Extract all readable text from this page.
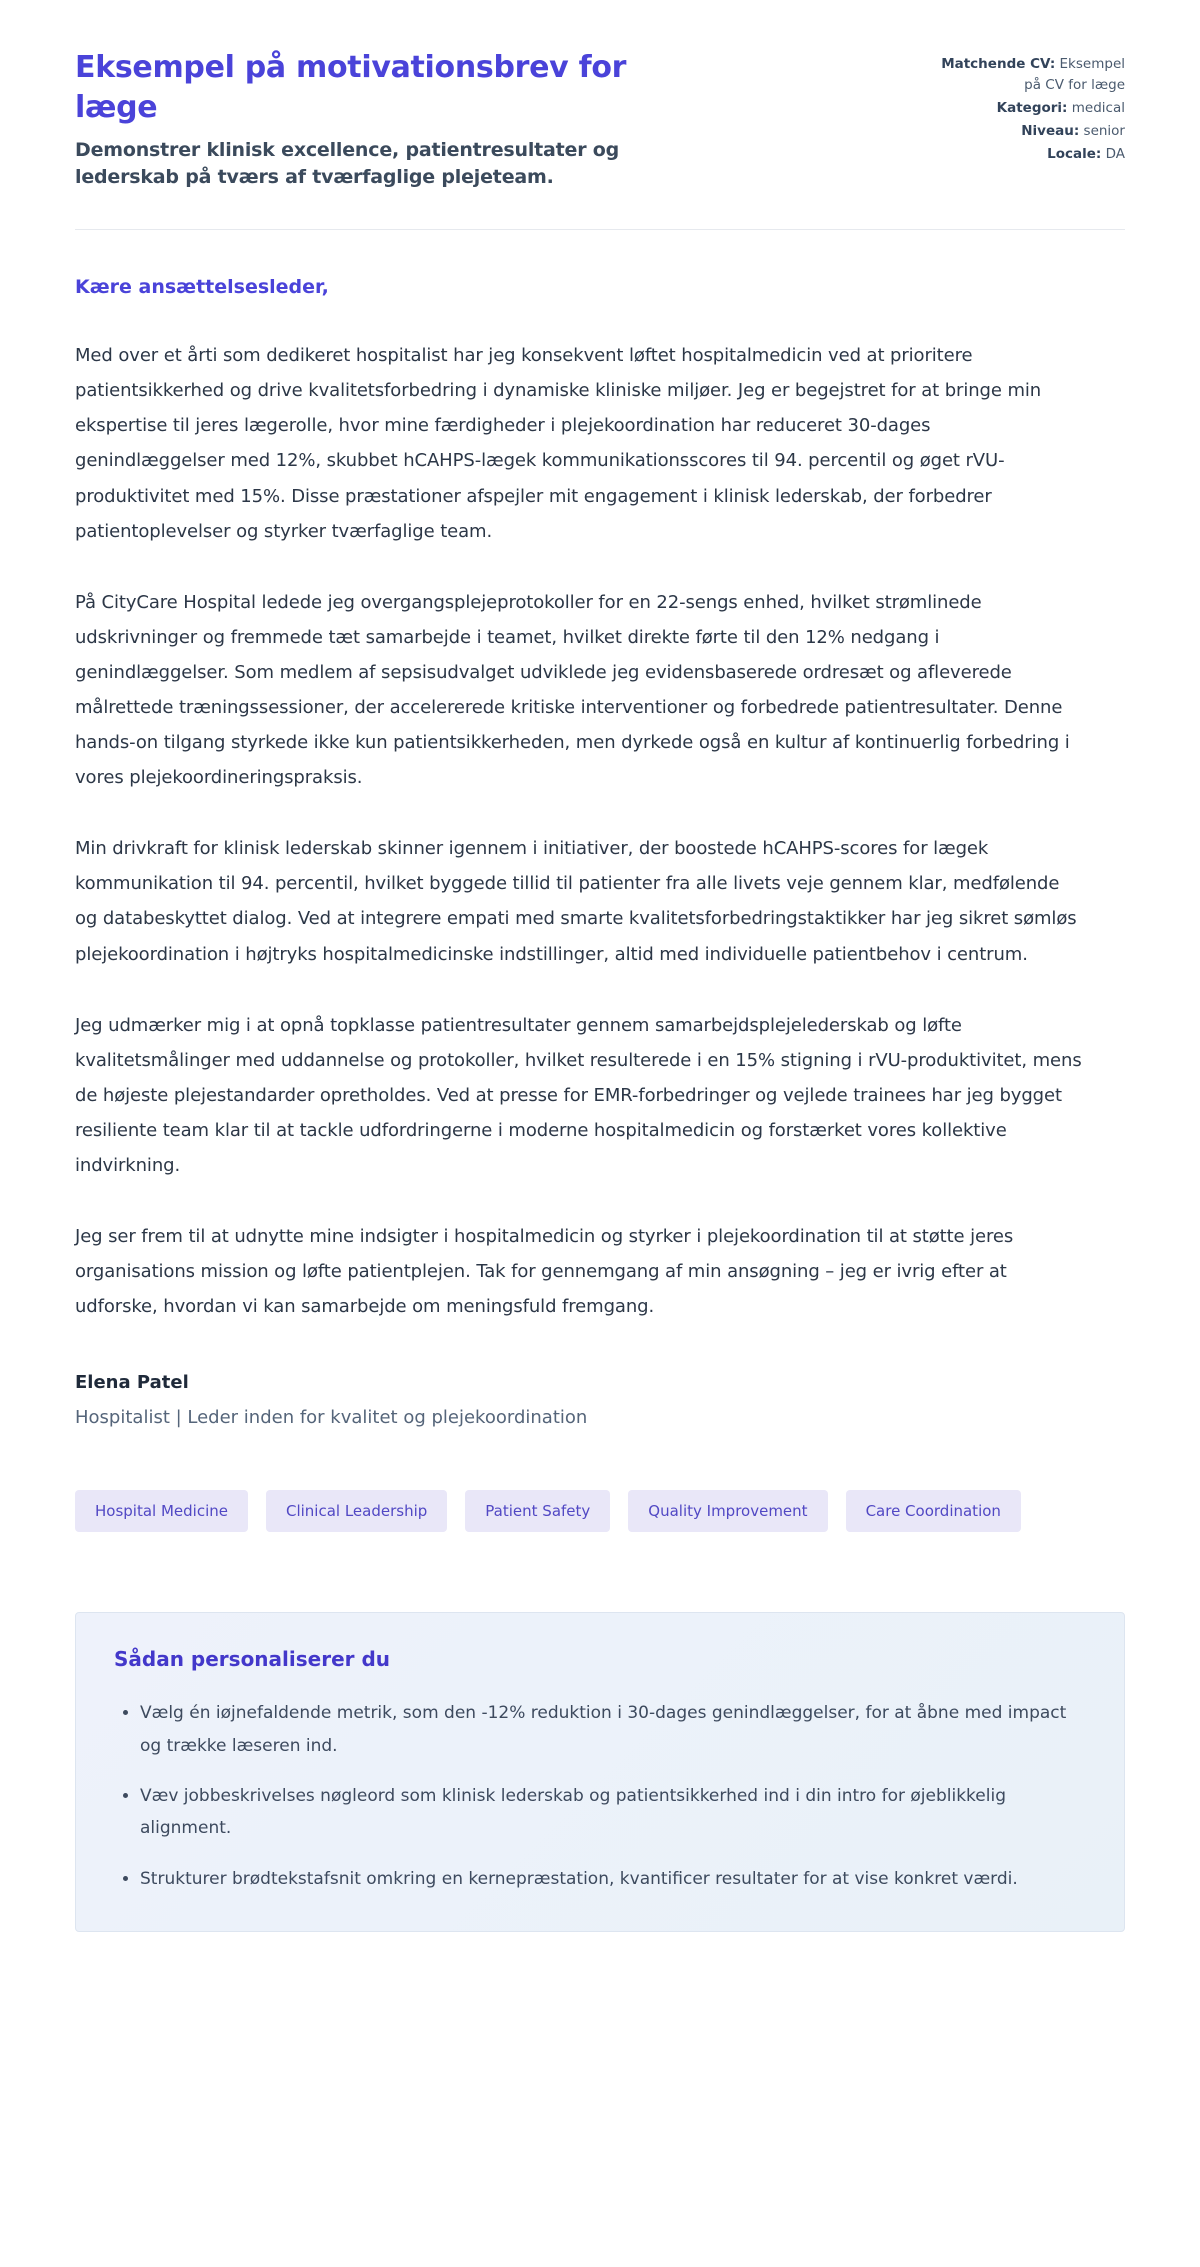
Eksempel på motivationsbrev for læge

Demonstrer klinisk excellence, patientresultater og lederskab på tværs af tværfaglige plejeteam.

Matchende CV: Eksempel på CV for læge
Kategori: medical
Niveau: senior
Locale: DA

Kære ansættelsesleder,

Med over et årti som dedikeret hospitalist har jeg konsekvent løftet hospitalmedicin ved at prioritere patientsikkerhed og drive kvalitetsforbedring i dynamiske kliniske miljøer. Jeg er begejstret for at bringe min ekspertise til jeres lægerolle, hvor mine færdigheder i plejekoordination har reduceret 30-dages genindlæggelser med 12%, skubbet hCAHPS-lægek kommunikationsscores til 94. percentil og øget rVU-produktivitet med 15%. Disse præstationer afspejler mit engagement i klinisk lederskab, der forbedrer patientoplevelser og styrker tværfaglige team.

På CityCare Hospital ledede jeg overgangsplejeprotokoller for en 22-sengs enhed, hvilket strømlinede udskrivninger og fremmede tæt samarbejde i teamet, hvilket direkte førte til den 12% nedgang i genindlæggelser. Som medlem af sepsisudvalget udviklede jeg evidensbaserede ordresæt og afleverede målrettede træningssessioner, der accelererede kritiske interventioner og forbedrede patientresultater. Denne hands-on tilgang styrkede ikke kun patientsikkerheden, men dyrkede også en kultur af kontinuerlig forbedring i vores plejekoordineringspraksis.

Min drivkraft for klinisk lederskab skinner igennem i initiativer, der boostede hCAHPS-scores for lægek kommunikation til 94. percentil, hvilket byggede tillid til patienter fra alle livets veje gennem klar, medfølende og databeskyttet dialog. Ved at integrere empati med smarte kvalitetsforbedringstaktikker har jeg sikret sømløs plejekoordination i højtryks hospitalmedicinske indstillinger, altid med individuelle patientbehov i centrum.

Jeg udmærker mig i at opnå topklasse patientresultater gennem samarbejdsplejelederskab og løfte kvalitetsmålinger med uddannelse og protokoller, hvilket resulterede i en 15% stigning i rVU-produktivitet, mens de højeste plejestandarder opretholdes. Ved at presse for EMR-forbedringer og vejlede trainees har jeg bygget resiliente team klar til at tackle udfordringerne i moderne hospitalmedicin og forstærket vores kollektive indvirkning.

Jeg ser frem til at udnytte mine indsigter i hospitalmedicin og styrker i plejekoordination til at støtte jeres organisations mission og løfte patientplejen. Tak for gennemgang af min ansøgning – jeg er ivrig efter at udforske, hvordan vi kan samarbejde om meningsfuld fremgang.

Elena Patel

Hospitalist | Leder inden for kvalitet og plejekoordination

Hospital Medicine	Clinical Leadership	Patient Safety	Quality Improvement	Care Coordination
Sådan personaliserer du
• Vælg én iøjnefaldende metrik, som den -12% reduktion i 30-dages genindlæggelser, for at åbne med impact og trække læseren ind.
• Væv jobbeskrivelses nøgleord som klinisk lederskab og patientsikkerhed ind i din intro for øjeblikkelig alignment.
• Strukturer brødtekstafsnit omkring en kernepræstation, kvantificer resultater for at vise konkret værdi.
